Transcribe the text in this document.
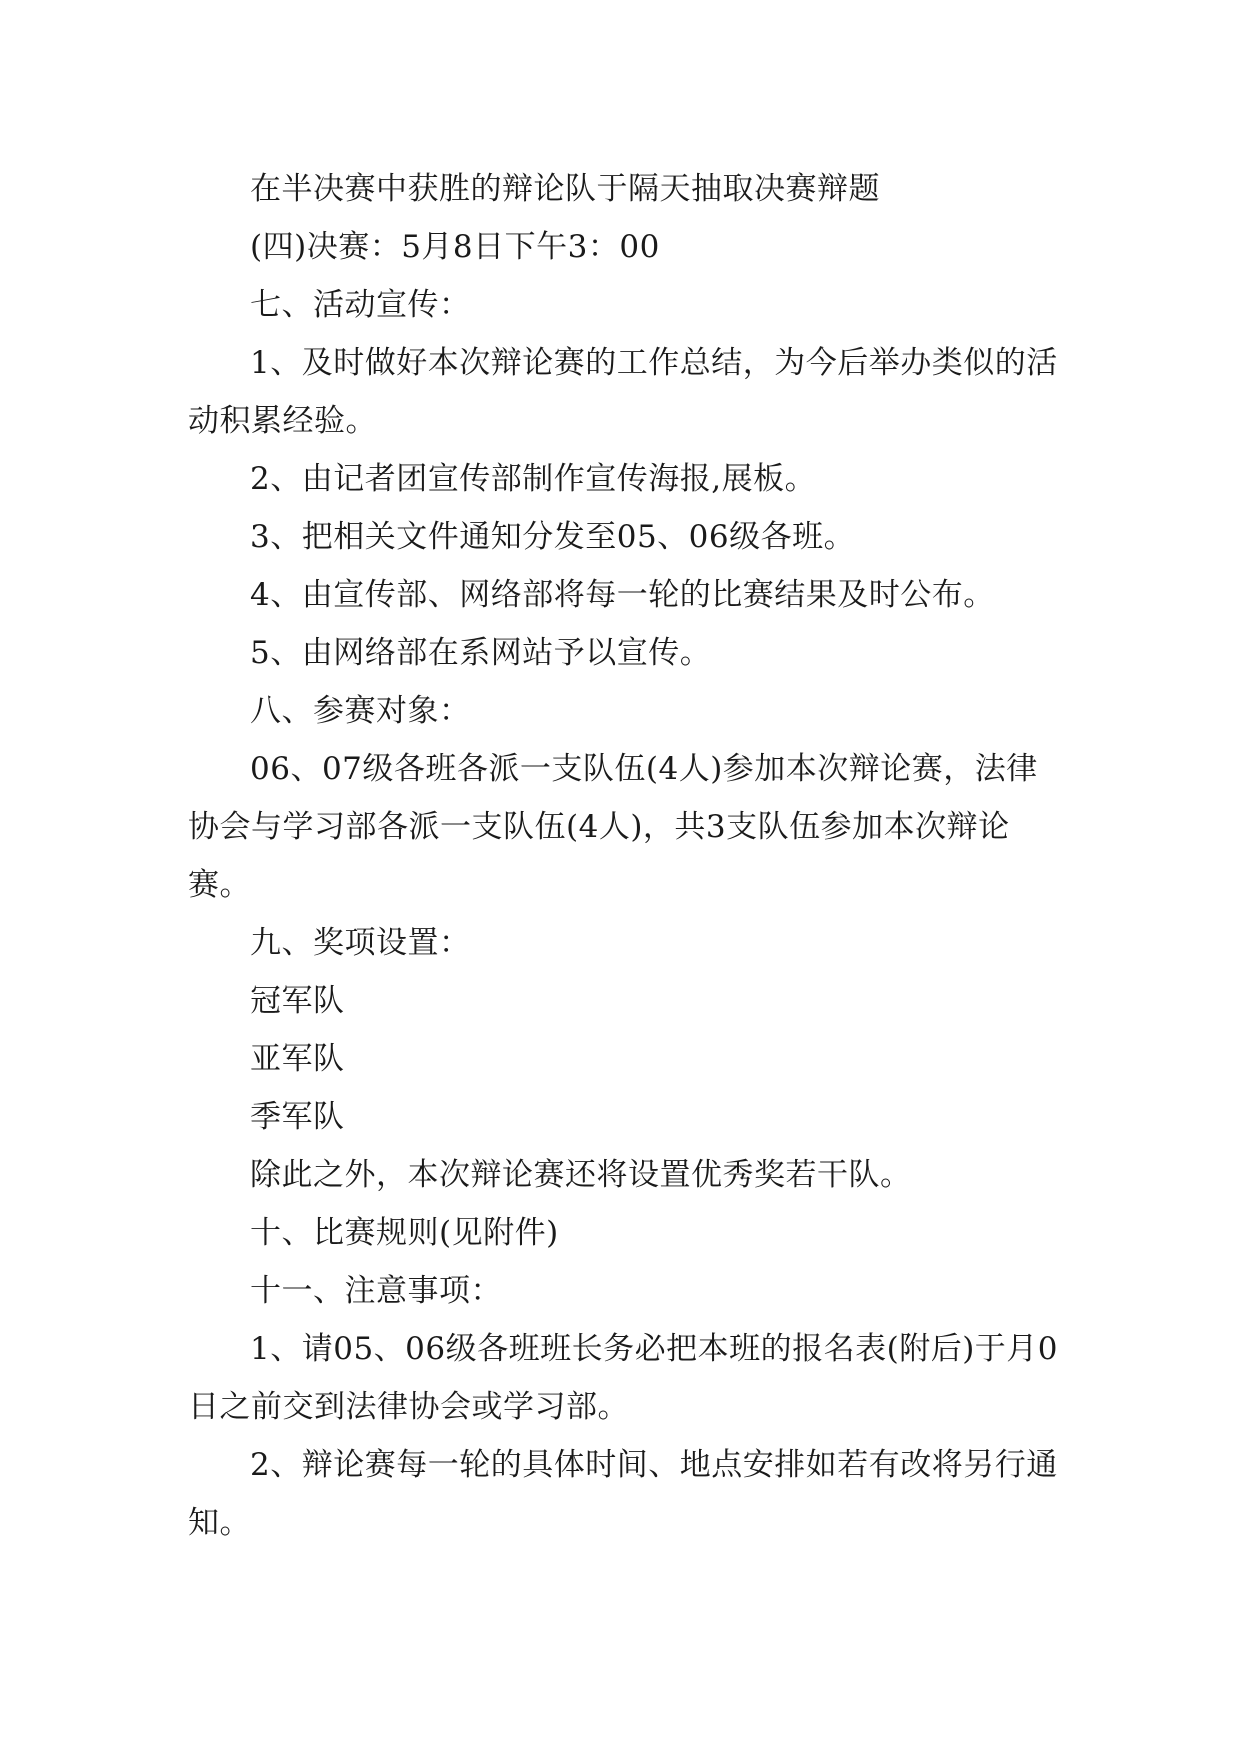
在半决赛中获胜的辩论队于隔天抽取决赛辩题

(四)决赛：5月8日下午3：00

七、活动宣传：

1、及时做好本次辩论赛的工作总结，为今后举办类似的活动积累经验。

2、由记者团宣传部制作宣传海报,展板。

3、把相关文件通知分发至05、06级各班。

4、由宣传部、网络部将每一轮的比赛结果及时公布。

5、由网络部在系网站予以宣传。

八、参赛对象：

06、07级各班各派一支队伍(4人)参加本次辩论赛，法律协会与学习部各派一支队伍(4人)，共3支队伍参加本次辩论赛。

九、奖项设置：

冠军队

亚军队

季军队

除此之外，本次辩论赛还将设置优秀奖若干队。

十、比赛规则(见附件)

十一、注意事项：

1、请05、06级各班班长务必把本班的报名表(附后)于月0日之前交到法律协会或学习部。

2、辩论赛每一轮的具体时间、地点安排如若有改将另行通知。
